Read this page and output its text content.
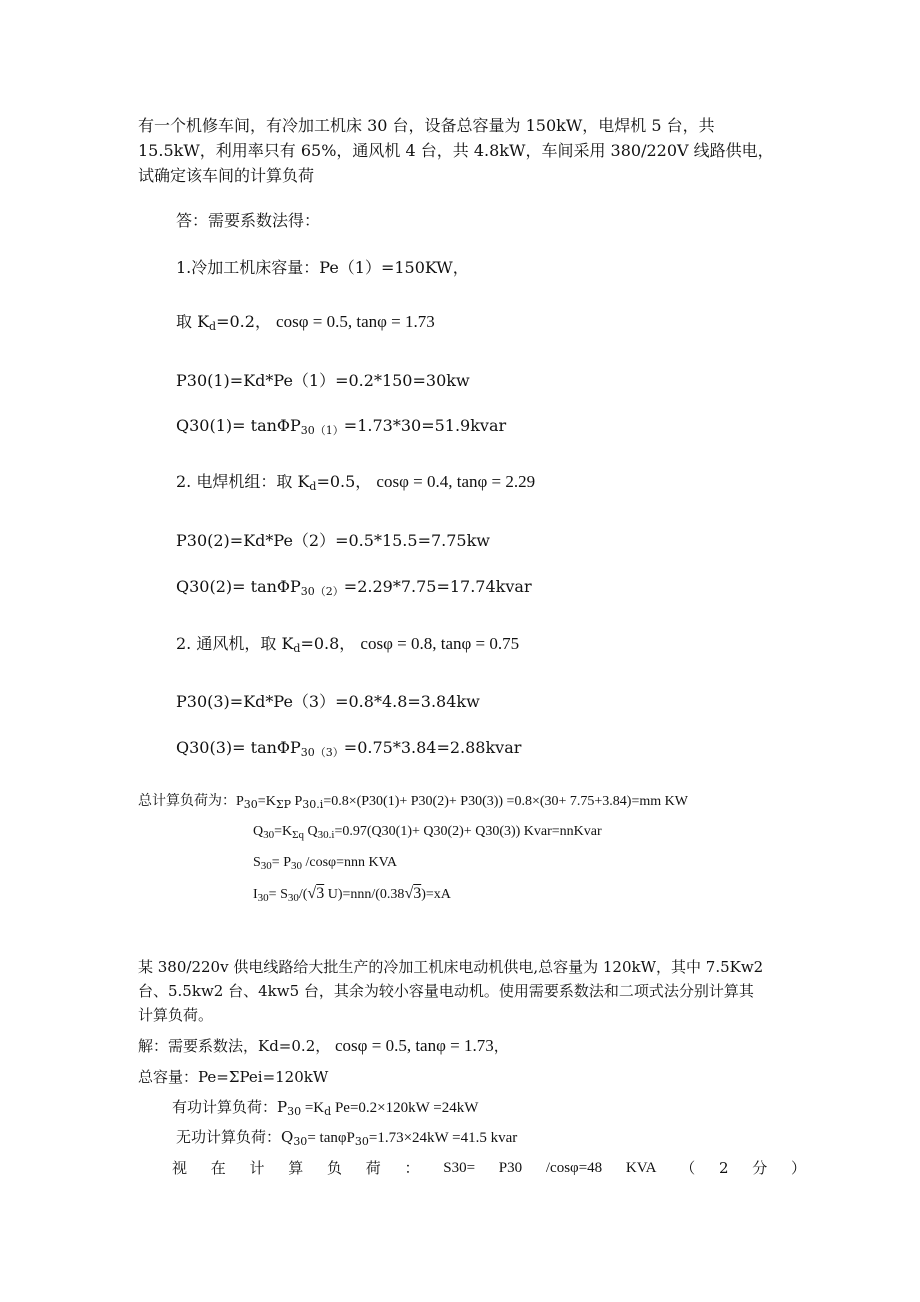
有一个机修车间，有冷加工机床 30 台，设备总容量为 150kW，电焊机 5 台，共
15.5kW，利用率只有 65%，通风机 4 台，共 4.8kW，车间采用 380/220V 线路供电，
试确定该车间的计算负荷
答：需要系数法得：
1.冷加工机床容量：Pe（1）=150KW，
取 Kd=0.2， cosφ = 0.5, tanφ = 1.73
P30(1)=Kd*Pe（1）=0.2*150=30kw
Q30(1)= tanΦP30（1）=1.73*30=51.9kvar
2. 电焊机组：取 Kd=0.5， cosφ = 0.4, tanφ = 2.29
P30(2)=Kd*Pe（2）=0.5*15.5=7.75kw
Q30(2)= tanΦP30（2）=2.29*7.75=17.74kvar
2. 通风机，取 Kd=0.8， cosφ = 0.8, tanφ = 0.75
P30(3)=Kd*Pe（3）=0.8*4.8=3.84kw
Q30(3)= tanΦP30（3）=0.75*3.84=2.88kvar
总计算负荷为：$P_{30}=K_{\Sigma P}$ $P_{30.i}=0.8\times(P30(1)+ P30(2)+ P30(3)) =0.8\times(30+ 7.75+3.84)=mm$ KW
$Q_{30}=K_{\Sigma q}$ $Q_{30.i}=0.97(Q30(1)+ Q30(2)+ Q30(3))$ Kvar=nnKvar
$S_{30}= P_{30}$ /cosφ=nnn KVA
$I_{30}= S_{30}/(√3$ U)=nnn/(0.38√3)=xA
某 380/220v 供电线路给大批生产的冷加工机床电动机供电,总容量为 120kW，其中 7.5Kw2
台、5.5kw2 台、4kw5 台，其余为较小容量电动机。使用需要系数法和二项式法分别计算其
计算负荷。
解：需要系数法，Kd=0.2， cosφ = 0.5, tanφ = 1.73，
总容量：Pe=ΣPei=120kW
有功计算负荷：$P_{30} =K_d$ Pe=0.2×120kW =24kW
无功计算负荷：$Q_{30}= \tan\varphi P_{30}=1.73\times 24kW =41.5$ kvar
视 在 计 算 负 荷 ： S30= P30 /cosφ=48 KVA （ 2 分 ）
